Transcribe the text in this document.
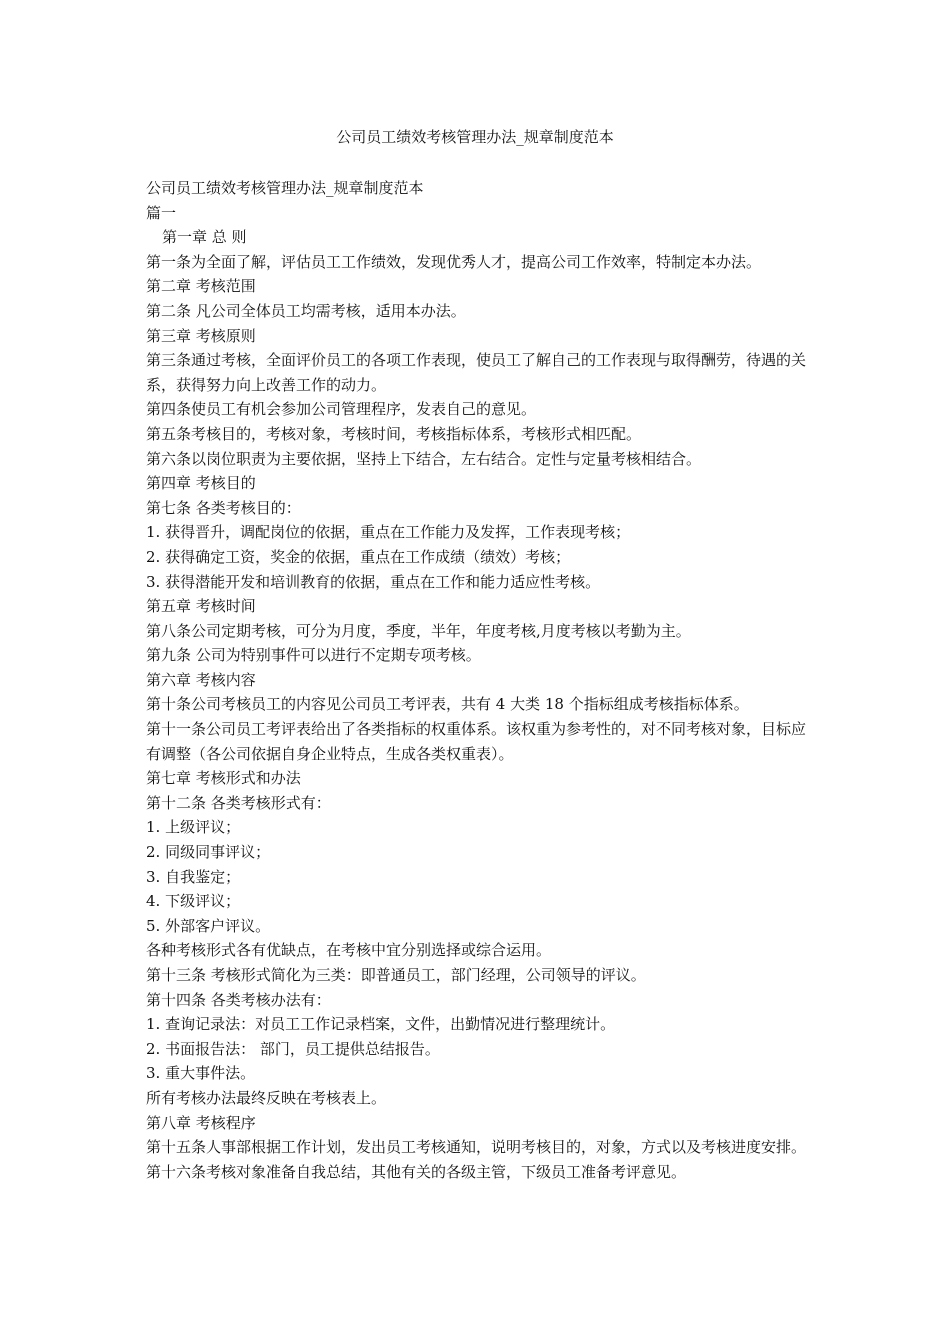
公司员工绩效考核管理办法_规章制度范本

公司员工绩效考核管理办法_规章制度范本

篇一

第一章 总 则

第一条为全面了解，评估员工工作绩效，发现优秀人才，提高公司工作效率，特制定本办法。

第二章 考核范围

第二条 凡公司全体员工均需考核，适用本办法。

第三章 考核原则

第三条通过考核，全面评价员工的各项工作表现，使员工了解自己的工作表现与取得酬劳，待遇的关系，获得努力向上改善工作的动力。

第四条使员工有机会参加公司管理程序，发表自己的意见。

第五条考核目的，考核对象，考核时间，考核指标体系，考核形式相匹配。

第六条以岗位职责为主要依据，坚持上下结合，左右结合。定性与定量考核相结合。

第四章 考核目的

第七条 各类考核目的：

1. 获得晋升，调配岗位的依据，重点在工作能力及发挥，工作表现考核；

2. 获得确定工资，奖金的依据，重点在工作成绩（绩效）考核；

3. 获得潜能开发和培训教育的依据，重点在工作和能力适应性考核。

第五章 考核时间

第八条公司定期考核，可分为月度，季度，半年，年度考核,月度考核以考勤为主。

第九条 公司为特别事件可以进行不定期专项考核。

第六章 考核内容

第十条公司考核员工的内容见公司员工考评表，共有 4 大类 18 个指标组成考核指标体系。

第十一条公司员工考评表给出了各类指标的权重体系。该权重为参考性的，对不同考核对象，目标应有调整（各公司依据自身企业特点，生成各类权重表）。

第七章 考核形式和办法

第十二条 各类考核形式有：

1. 上级评议；

2. 同级同事评议；

3. 自我鉴定；

4. 下级评议；

5. 外部客户评议。

各种考核形式各有优缺点，在考核中宜分别选择或综合运用。

第十三条 考核形式简化为三类：即普通员工，部门经理，公司领导的评议。

第十四条 各类考核办法有：

1. 查询记录法：对员工工作记录档案，文件，出勤情况进行整理统计。

2. 书面报告法： 部门，员工提供总结报告。

3. 重大事件法。

所有考核办法最终反映在考核表上。

第八章 考核程序

第十五条人事部根据工作计划，发出员工考核通知，说明考核目的，对象，方式以及考核进度安排。

第十六条考核对象准备自我总结，其他有关的各级主管，下级员工准备考评意见。
